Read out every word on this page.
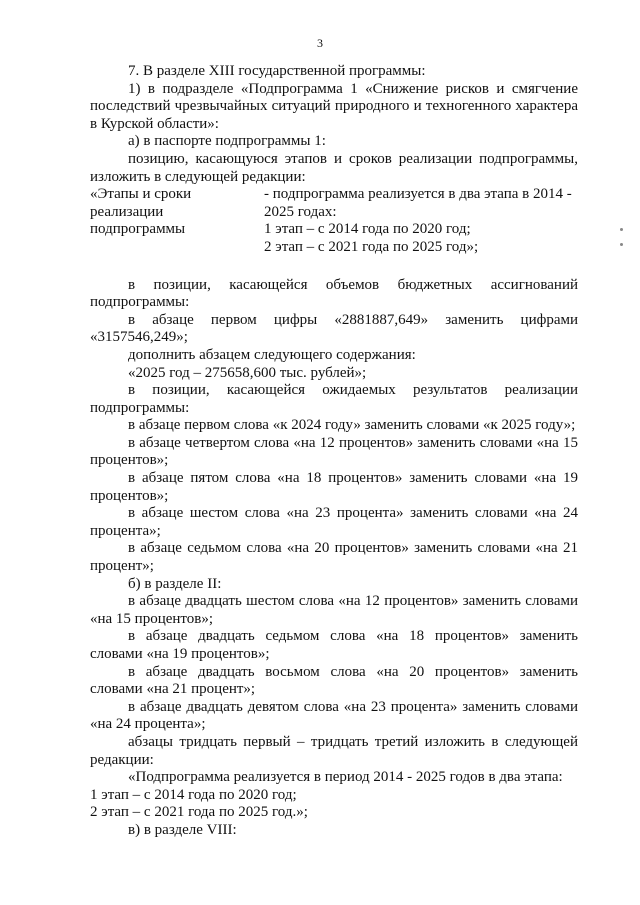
3

7. В разделе XIII государственной программы:

1) в подразделе «Подпрограмма 1 «Снижение рисков и смягчение последствий чрезвычайных ситуаций природного и техногенного характера в Курской области»:

а) в паспорте подпрограммы 1:

позицию, касающуюся этапов и сроков реализации подпрограммы, изложить в следующей редакции:

«Этапы и сроки
реализации
подпрограммы
- подпрограмма реализуется в два этапа в 2014 -
2025 годах:
1 этап – с 2014 года по 2020 год;
2 этап – с 2021 года по 2025 год»;

в позиции, касающейся объемов бюджетных ассигнований подпрограммы:

в абзаце первом цифры «2881887,649» заменить цифрами «3157546,249»;

дополнить абзацем следующего содержания:

«2025 год – 275658,600 тыс. рублей»;

в позиции, касающейся ожидаемых результатов реализации подпрограммы:

в абзаце первом слова «к 2024 году» заменить словами «к 2025 году»;

в абзаце четвертом слова «на 12 процентов» заменить словами «на 15 процентов»;

в абзаце пятом слова «на 18 процентов» заменить словами «на 19 процентов»;

в абзаце шестом слова «на 23 процента» заменить словами «на 24 процента»;

в абзаце седьмом слова «на 20 процентов» заменить словами «на 21 процент»;

б) в разделе II:

в абзаце двадцать шестом слова «на 12 процентов» заменить словами «на 15 процентов»;

в абзаце двадцать седьмом слова «на 18 процентов» заменить словами «на 19 процентов»;

в абзаце двадцать восьмом слова «на 20 процентов» заменить словами «на 21 процент»;

в абзаце двадцать девятом слова «на 23 процента» заменить словами «на 24 процента»;

абзацы тридцать первый – тридцать третий изложить в следующей редакции:

«Подпрограмма реализуется в период 2014 - 2025 годов в два этапа:

1 этап – с 2014 года по 2020 год;

2 этап – с 2021 года по 2025 год.»;

в) в разделе VIII:
